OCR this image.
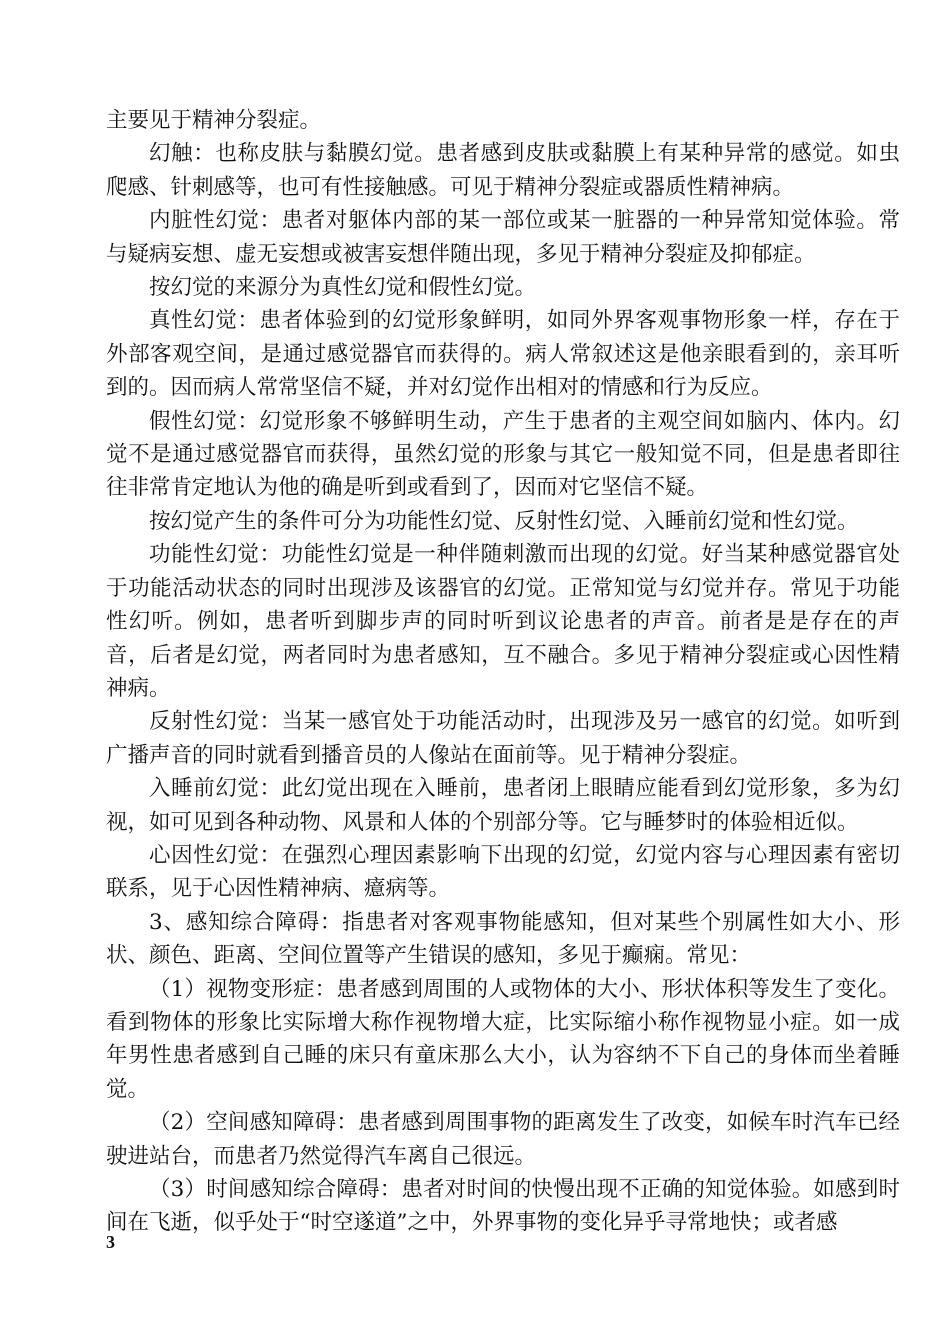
主要见于精神分裂症。

幻触：也称皮肤与黏膜幻觉。患者感到皮肤或黏膜上有某种异常的感觉。如虫爬感、针刺感等，也可有性接触感。可见于精神分裂症或器质性精神病。

内脏性幻觉：患者对躯体内部的某一部位或某一脏器的一种异常知觉体验。常与疑病妄想、虚无妄想或被害妄想伴随出现，多见于精神分裂症及抑郁症。

按幻觉的来源分为真性幻觉和假性幻觉。

真性幻觉：患者体验到的幻觉形象鲜明，如同外界客观事物形象一样，存在于外部客观空间，是通过感觉器官而获得的。病人常叙述这是他亲眼看到的，亲耳听到的。因而病人常常坚信不疑，并对幻觉作出相对的情感和行为反应。

假性幻觉：幻觉形象不够鲜明生动，产生于患者的主观空间如脑内、体内。幻觉不是通过感觉器官而获得，虽然幻觉的形象与其它一般知觉不同，但是患者即往往非常肯定地认为他的确是听到或看到了，因而对它坚信不疑。

按幻觉产生的条件可分为功能性幻觉、反射性幻觉、入睡前幻觉和性幻觉。

功能性幻觉：功能性幻觉是一种伴随刺激而出现的幻觉。好当某种感觉器官处于功能活动状态的同时出现涉及该器官的幻觉。正常知觉与幻觉并存。常见于功能性幻听。例如，患者听到脚步声的同时听到议论患者的声音。前者是是存在的声音，后者是幻觉，两者同时为患者感知，互不融合。多见于精神分裂症或心因性精神病。

反射性幻觉：当某一感官处于功能活动时，出现涉及另一感官的幻觉。如听到广播声音的同时就看到播音员的人像站在面前等。见于精神分裂症。

入睡前幻觉：此幻觉出现在入睡前，患者闭上眼睛应能看到幻觉形象，多为幻视，如可见到各种动物、风景和人体的个别部分等。它与睡梦时的体验相近似。

心因性幻觉：在强烈心理因素影响下出现的幻觉，幻觉内容与心理因素有密切联系，见于心因性精神病、癔病等。

3、感知综合障碍：指患者对客观事物能感知，但对某些个别属性如大小、形状、颜色、距离、空间位置等产生错误的感知，多见于癫痫。常见：

（1）视物变形症：患者感到周围的人或物体的大小、形状体积等发生了变化。看到物体的形象比实际增大称作视物增大症，比实际缩小称作视物显小症。如一成年男性患者感到自己睡的床只有童床那么大小，认为容纳不下自己的身体而坐着睡觉。

（2）空间感知障碍：患者感到周围事物的距离发生了改变，如候车时汽车已经驶进站台，而患者乃然觉得汽车离自己很远。

（3）时间感知综合障碍：患者对时间的快慢出现不正确的知觉体验。如感到时间在飞逝，似乎处于“时空遂道”之中，外界事物的变化异乎寻常地快；或者感

3
